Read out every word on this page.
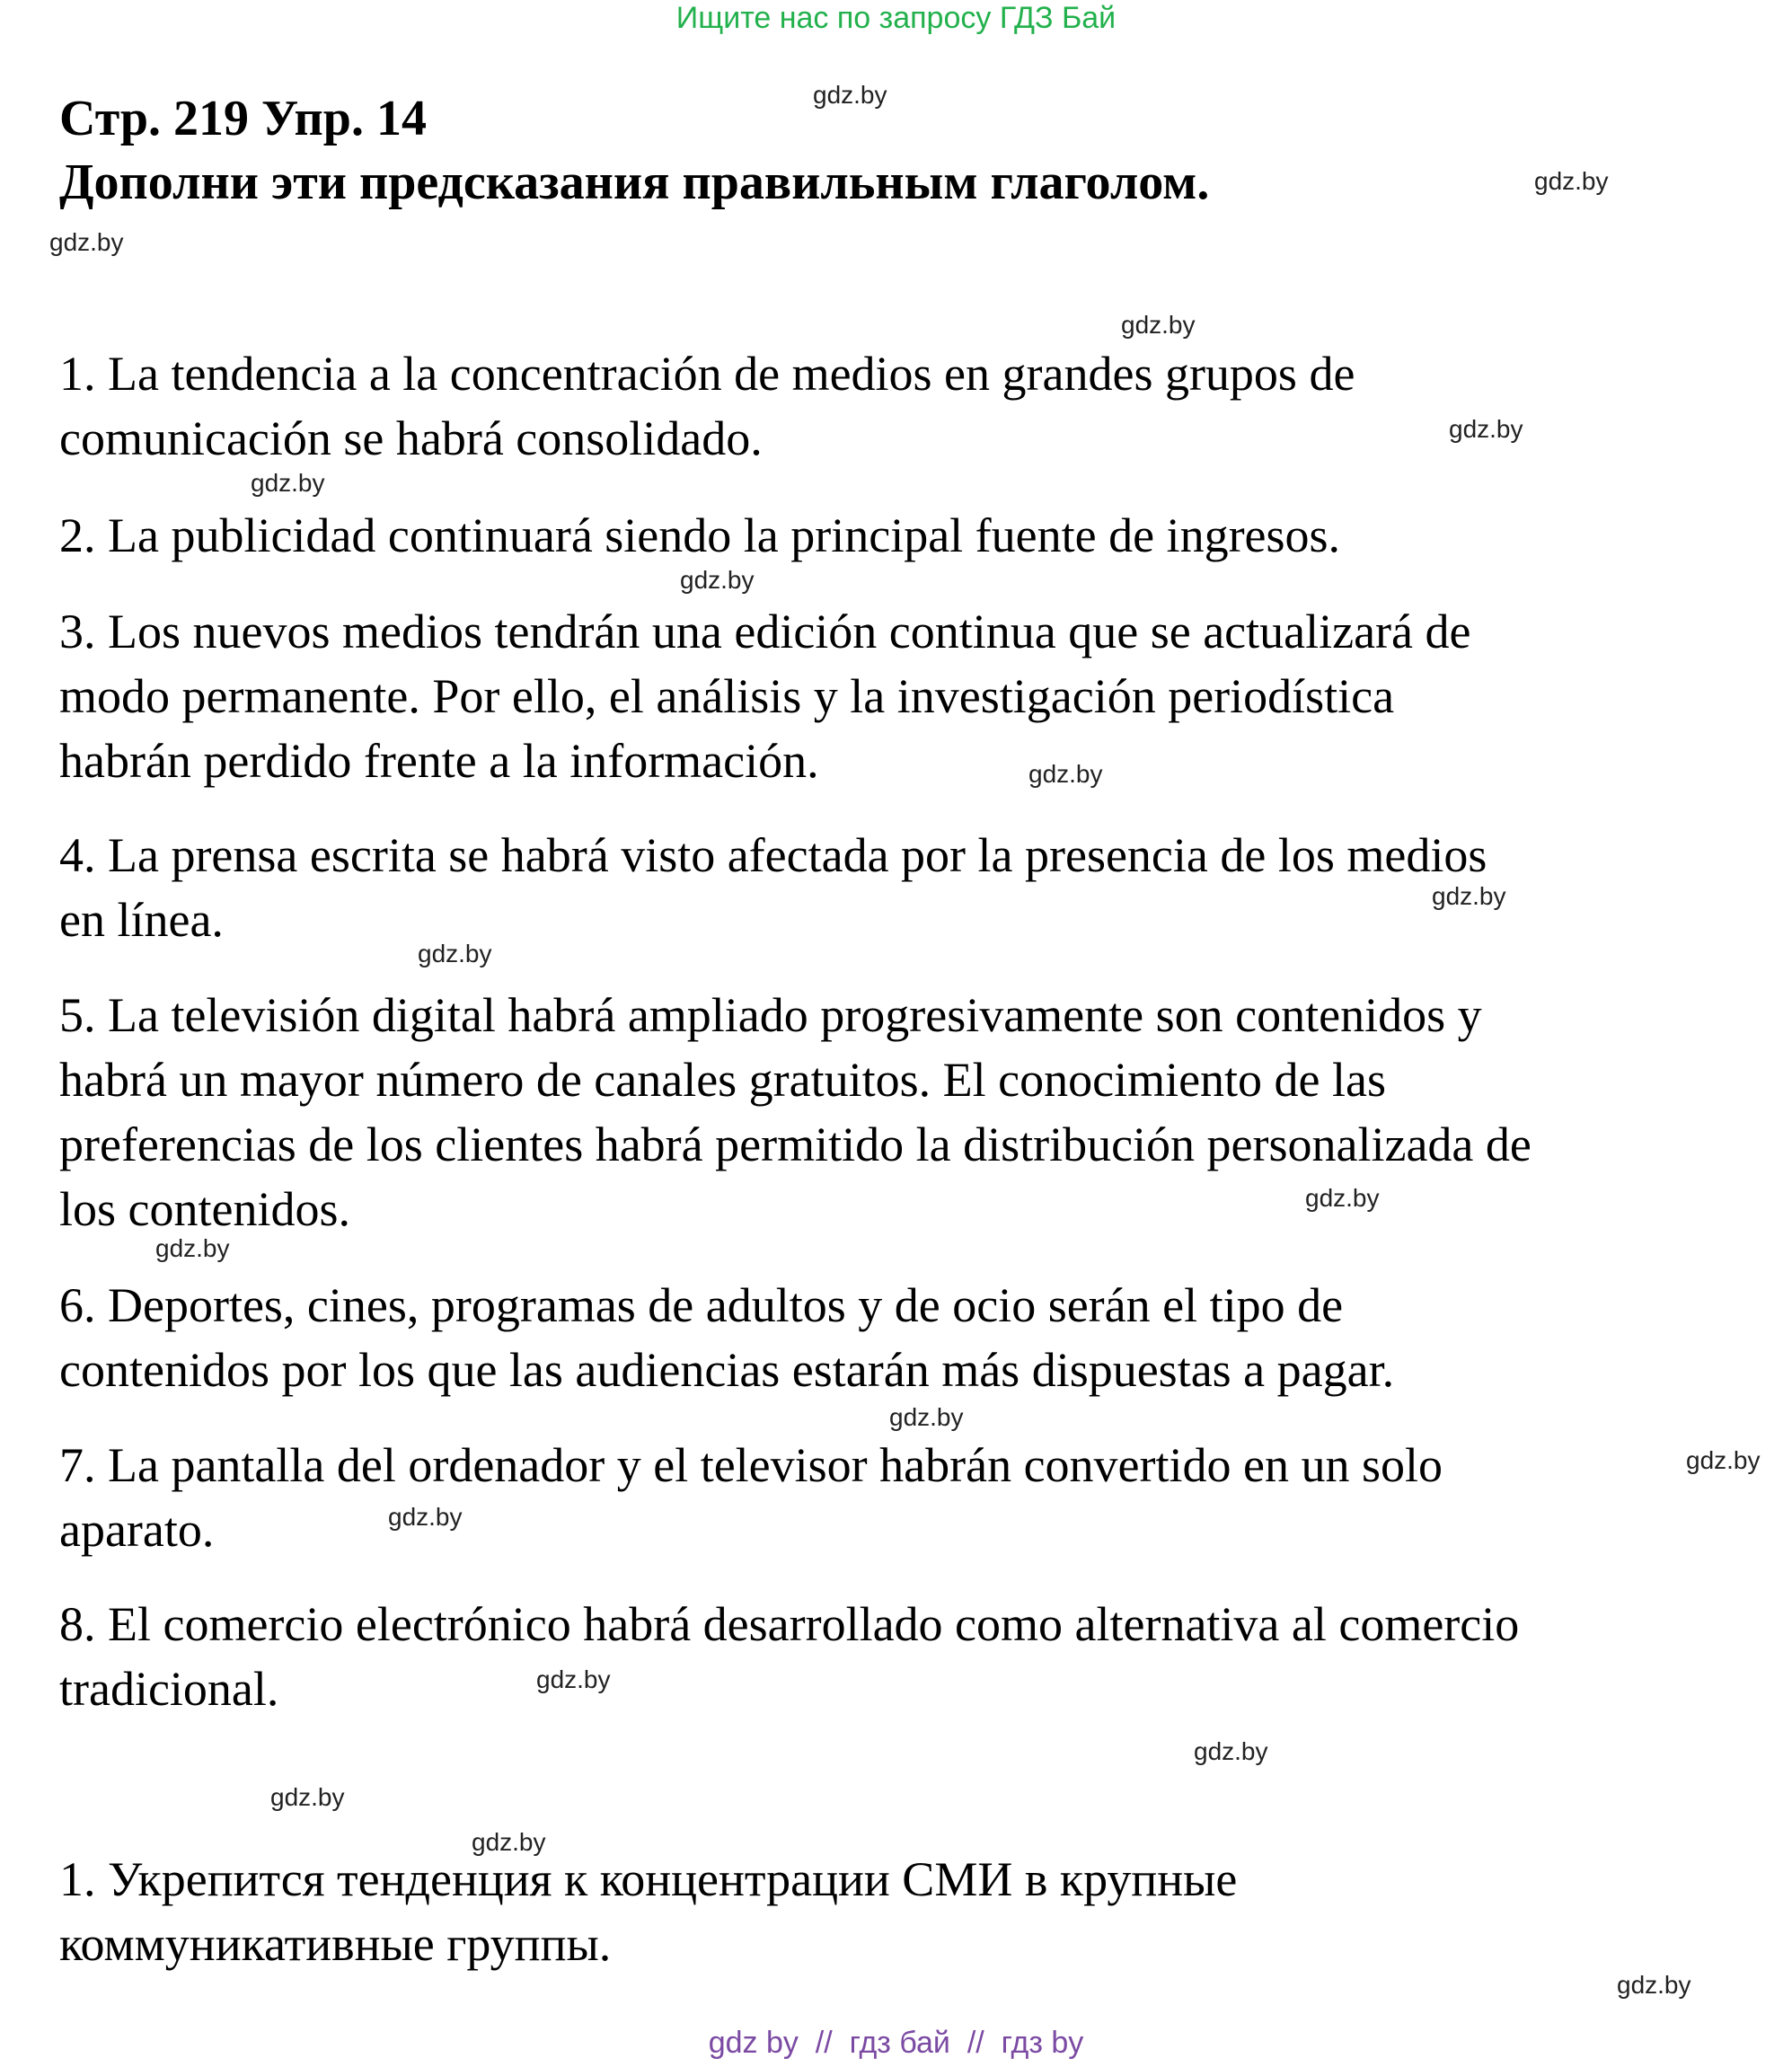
Ищите нас по запросу ГДЗ Бай
Стр. 219 Упр. 14
Дополни эти предсказания правильным глаголом.
1. La tendencia a la concentración de medios en grandes grupos de
comunicación se habrá consolidado.
2. La publicidad continuará siendo la principal fuente de ingresos.
3. Los nuevos medios tendrán una edición continua que se actualizará de
modo permanente. Por ello, el análisis y la investigación periodística
habrán perdido frente a la información.
4. La prensa escrita se habrá visto afectada por la presencia de los medios
en línea.
5. La televisión digital habrá ampliado progresivamente son contenidos y
habrá un mayor número de canales gratuitos. El conocimiento de las
preferencias de los clientes habrá permitido la distribución personalizada de
los contenidos.
6. Deportes, cines, programas de adultos y de ocio serán el tipo de
contenidos por los que las audiencias estarán más dispuestas a pagar.
7. La pantalla del ordenador y el televisor habrán convertido en un solo
aparato.
8. El comercio electrónico habrá desarrollado como alternativa al comercio
tradicional.
1. Укрепится тенденция к концентрации СМИ в крупные
коммуникативные группы.
gdz.by
gdz.by
gdz.by
gdz.by
gdz.by
gdz.by
gdz.by
gdz.by
gdz.by
gdz.by
gdz.by
gdz.by
gdz.by
gdz.by
gdz.by
gdz.by
gdz.by
gdz.by
gdz.by
gdz.by
gdz by  //  гдз бай  //  гдз by
